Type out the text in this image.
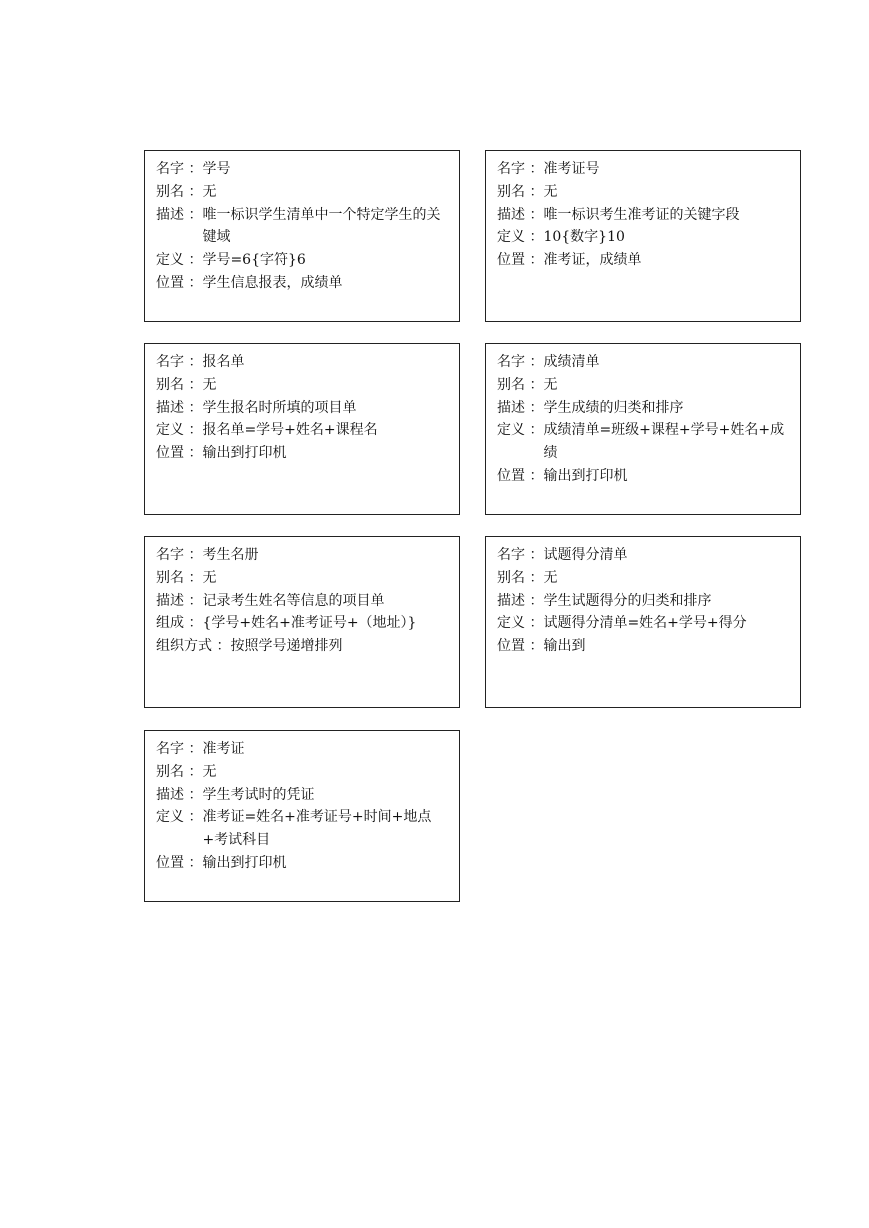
名字 ： 学号
别名 ： 无
描述 ： 唯一标识学生清单中一个特定学生的关键域
定义 ： 学号=6{字符}6
位置 ： 学生信息报表，成绩单
名字 ： 准考证号
别名 ： 无
描述 ： 唯一标识考生准考证的关键字段
定义 ： 10{数字}10
位置 ： 准考证，成绩单
名字 ： 报名单
别名 ： 无
描述 ： 学生报名时所填的项目单
定义 ： 报名单=学号+姓名+课程名
位置 ： 输出到打印机
名字 ： 成绩清单
别名 ： 无
描述 ： 学生成绩的归类和排序
定义 ： 成绩清单=班级+课程+学号+姓名+成绩
位置 ： 输出到打印机
名字 ： 考生名册
别名 ： 无
描述 ： 记录考生姓名等信息的项目单
组成 ： {学号+姓名+准考证号+（地址）}
组织方式 ： 按照学号递增排列
名字 ： 试题得分清单
别名 ： 无
描述 ： 学生试题得分的归类和排序
定义 ： 试题得分清单=姓名+学号+得分
位置 ： 输出到
名字 ： 准考证
别名 ： 无
描述 ： 学生考试时的凭证
定义 ： 准考证=姓名+准考证号+时间+地点+考试科目
位置 ： 输出到打印机
